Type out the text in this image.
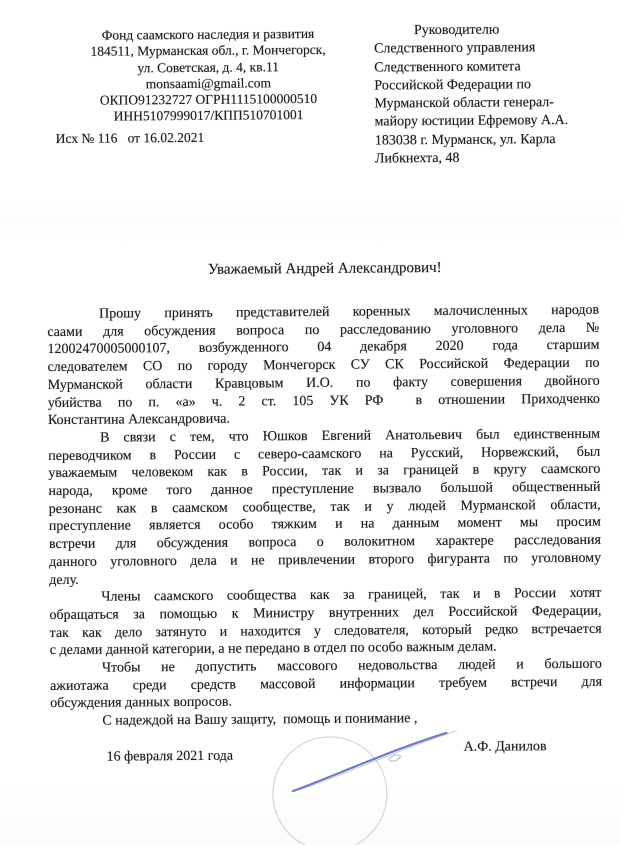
Фонд саамского наследия и развития
184511, Мурманская обл., г. Мончегорск,
ул. Советская, д. 4, кв.11
monsaami@gmail.com
ОКПО91232727 ОГРН1115100000510
ИНН5107999017/КПП510701001
Исх № 116   от 16.02.2021
Руководителю
Следственного управления
Следственного комитета
Российской Федерации по
Мурманской области генерал-
майору юстиции Ефремову А.А.
183038 г. Мурманск, ул. Карла
Либкнехта, 48
Уважаемый Андрей Александрович!
Прошу принять представителей коренных малочисленных народов
саами для обсуждения вопроса по расследованию уголовного дела №
12002470005000107, возбужденного 04 декабря 2020 года старшим
следователем СО по городу Мончегорск СУ СК Российской Федерации по
Мурманской области Кравцовым И.О. по факту совершения двойного
убийства по п. «а» ч. 2 ст. 105 УК РФ  в отношении Приходченко
Константина Александровича.
В связи с тем, что Юшков Евгений Анатольевич был единственным
переводчиком в России с северо-саамского на Русский, Норвежский, был
уважаемым человеком как в России, так и за границей в кругу саамского
народа, кроме того данное преступление вызвало большой общественный
резонанс как в саамском сообществе, так и у людей Мурманской области,
преступление является особо тяжким и на данным момент мы просим
встречи для обсуждения вопроса о волокитном характере расследования
данного уголовного дела и не привлечении второго фигуранта по уголовному
делу.
Члены саамского сообщества как за границей, так и в России хотят
обращаться за помощью к Министру внутренних дел Российской Федерации,
так как дело затянуто и находится у следователя, который редко встречается
с делами данной категории, а не передано в отдел по особо важным делам.
Чтобы не допустить массового недовольства людей и большого
ажиотажа среди средств массовой информации требуем встречи для
обсуждения данных вопросов.
С надеждой на Вашу защиту,  помощь и понимание ,
16 февраля 2021 года
А.Ф. Данилов
